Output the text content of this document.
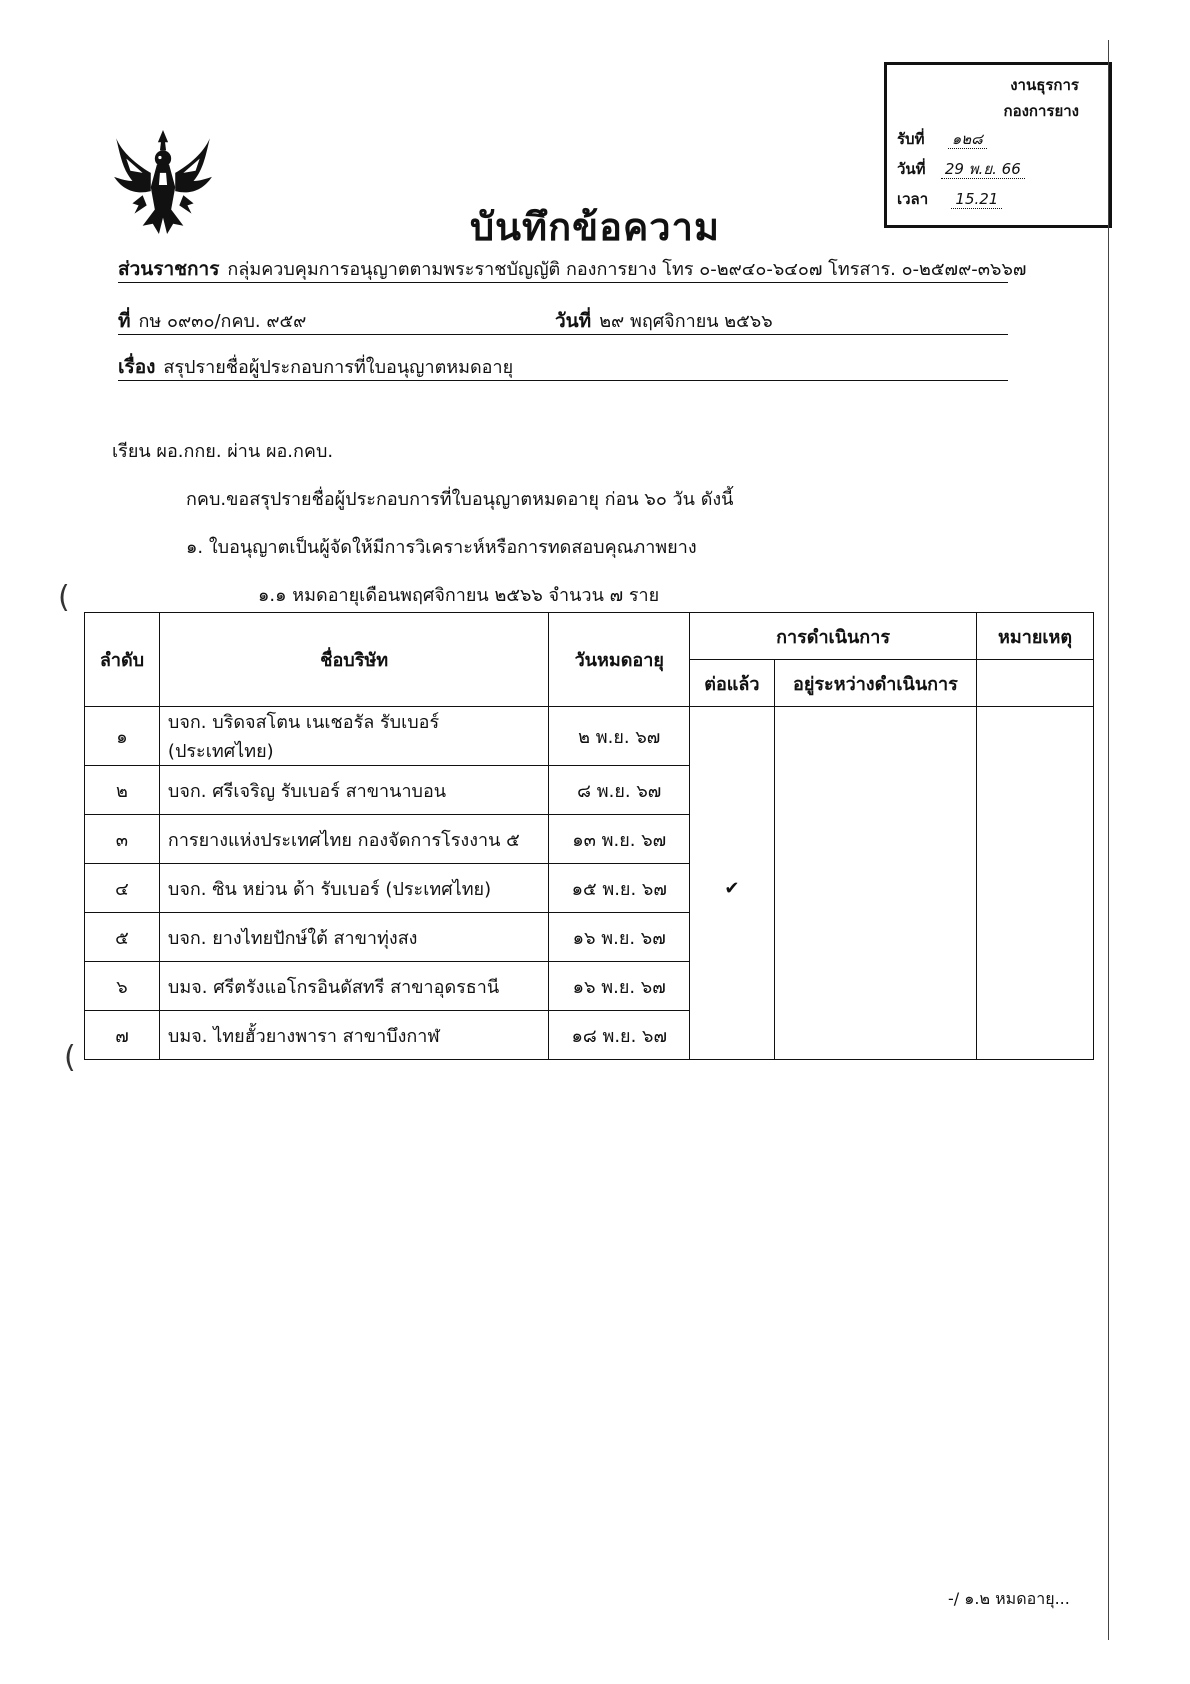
บันทึกข้อความ
งานธุรการ
กองการยาง
รับที่ ๑๒๘
วันที่ 29 พ.ย. 66
เวลา 15.21
ส่วนราชการ กลุ่มควบคุมการอนุญาตตามพระราชบัญญัติ กองการยาง โทร ๐-๒๙๔๐-๖๔๐๗ โทรสาร. ๐-๒๕๗๙-๓๖๖๗
ที่ กษ ๐๙๓๐/กคบ. ๙๕๙	วันที่ ๒๙ พฤศจิกายน ๒๕๖๖
เรื่อง สรุปรายชื่อผู้ประกอบการที่ใบอนุญาตหมดอายุ
เรียน ผอ.กกย. ผ่าน ผอ.กคบ.
กคบ.ขอสรุปรายชื่อผู้ประกอบการที่ใบอนุญาตหมดอายุ ก่อน ๖๐ วัน ดังนี้
๑. ใบอนุญาตเป็นผู้จัดให้มีการวิเคราะห์หรือการทดสอบคุณภาพยาง
๑.๑ หมดอายุเดือนพฤศจิกายน ๒๕๖๖ จำนวน ๗ ราย
(
(
ลำดับ	ชื่อบริษัท	วันหมดอายุ	การดำเนินการ		หมายเหตุ
			ต่อแล้ว	อยู่ระหว่างดำเนินการ	
๑	บจก. บริดจสโตน เนเชอรัล รับเบอร์ (ประเทศไทย)	๒ พ.ย. ๖๗			
๒	บจก. ศรีเจริญ รับเบอร์ สาขานาบอน	๘ พ.ย. ๖๗			
๓	การยางแห่งประเทศไทย กองจัดการโรงงาน ๕	๑๓ พ.ย. ๖๗			
๔	บจก. ซิน หย่วน ด้า รับเบอร์ (ประเทศไทย)	๑๕ พ.ย. ๖๗	✔		
๕	บจก. ยางไทยปักษ์ใต้ สาขาทุ่งสง	๑๖ พ.ย. ๖๗			
๖	บมจ. ศรีตรังแอโกรอินดัสทรี สาขาอุดรธานี	๑๖ พ.ย. ๖๗			
๗	บมจ. ไทยฮั้วยางพารา สาขาบึงกาฬ	๑๘ พ.ย. ๖๗			
-/ ๑.๒ หมดอายุ...
